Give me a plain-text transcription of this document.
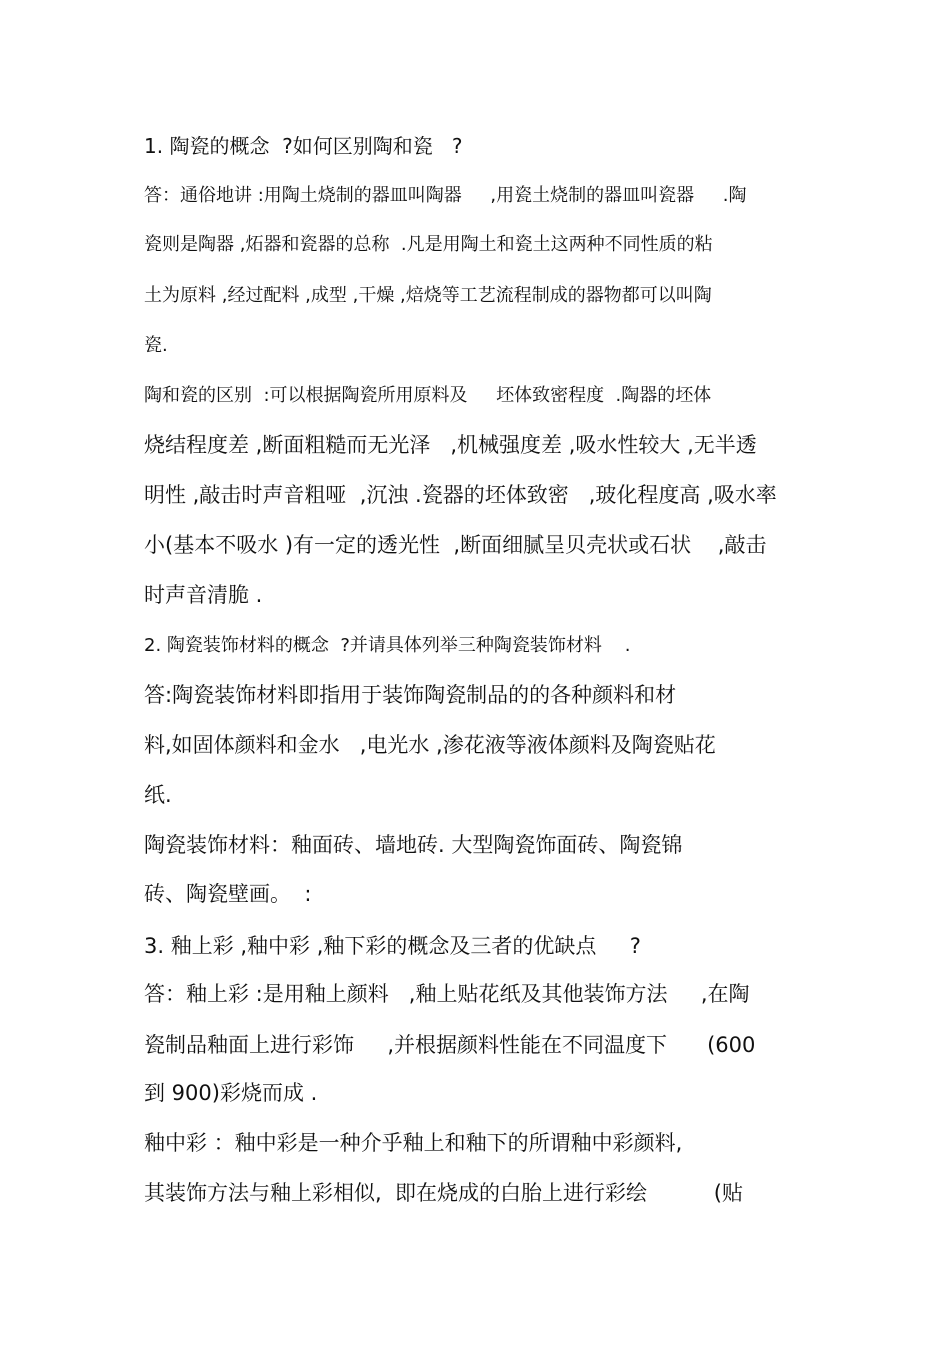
1. 陶瓷的概念  ?如何区别陶和瓷   ?
答：通俗地讲 :用陶土烧制的器皿叫陶器     ,用瓷土烧制的器皿叫瓷器     .陶
瓷则是陶器 ,炻器和瓷器的总称  .凡是用陶土和瓷土这两种不同性质的粘
土为原料 ,经过配料 ,成型 ,干燥 ,焙烧等工艺流程制成的器物都可以叫陶
瓷.
陶和瓷的区别  :可以根据陶瓷所用原料及     坯体致密程度  .陶器的坯体
烧结程度差 ,断面粗糙而无光泽   ,机械强度差 ,吸水性较大 ,无半透
明性 ,敲击时声音粗哑  ,沉浊 .瓷器的坯体致密   ,玻化程度高 ,吸水率
小(基本不吸水 )有一定的透光性  ,断面细腻呈贝壳状或石状    ,敲击
时声音清脆 .
2. 陶瓷装饰材料的概念  ?并请具体列举三种陶瓷装饰材料    .
答:陶瓷装饰材料即指用于装饰陶瓷制品的的各种颜料和材
料,如固体颜料和金水   ,电光水 ,渗花液等液体颜料及陶瓷贴花
纸.
陶瓷装饰材料：釉面砖、墙地砖. 大型陶瓷饰面砖、陶瓷锦
砖、陶瓷壁画。  :
3. 釉上彩 ,釉中彩 ,釉下彩的概念及三者的优缺点     ?
答：釉上彩 :是用釉上颜料   ,釉上贴花纸及其他装饰方法     ,在陶
瓷制品釉面上进行彩饰     ,并根据颜料性能在不同温度下      (600
到 900)彩烧而成 .
釉中彩 ：釉中彩是一种介乎釉上和釉下的所谓釉中彩颜料,
其装饰方法与釉上彩相似,  即在烧成的白胎上进行彩绘          (贴
